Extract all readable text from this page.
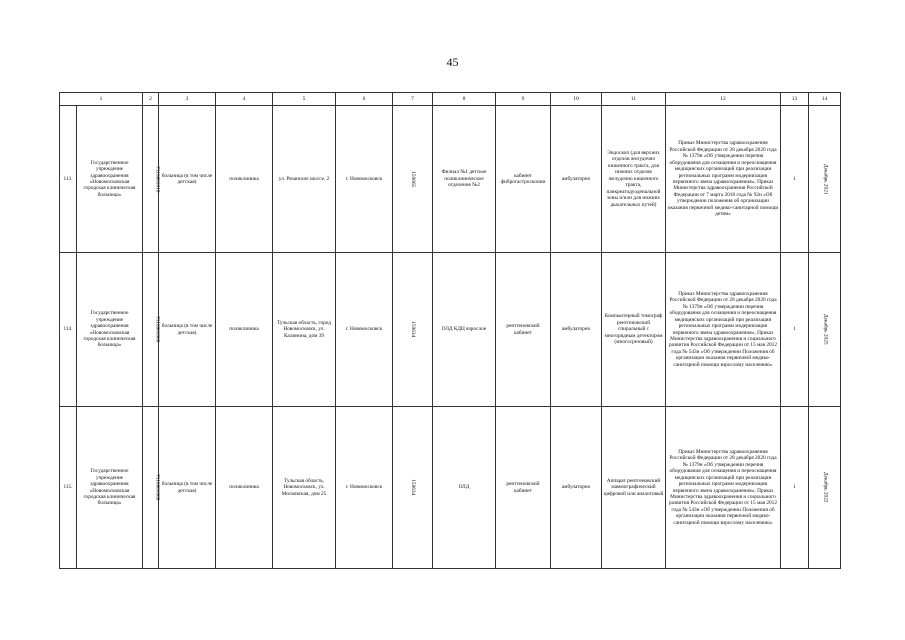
45
1		2	3	4	5	6	7	8	9	10	11	12	13	14
113.	Государственное учреждение здравоохранения «Новомосковская городская клиническая больница»	7116001010	больница (в том числе детская)	поликлиника	ул. Рязанское шоссе, 2	г. Новомосковск	159665	Филиал №1 детское поликлиническое отделение №2	кабинет фиброгастроскопии	амбулаторно	Эндоскоп (для верхних отделов желудочно кишечного тракта, для нижних отделов желудочно кишечного тракта, панкреатодуоденальной зоны и/или для нижних дыхательных путей)	Приказ Министерства здравоохранения Российской Федерации от 28 декабря 2020 года № 1379н «Об утверждении перечня оборудования для оснащения и переоснащения медицинских организаций при реализации региональных программ модернизации первичного звена здравоохранения»; Приказ Министерства здравоохранения Российской Федерации от 7 марта 2018 года № 92н «Об утверждении положения об организации оказания первичной медико-санитарной помощи детям»	1	Декабрь 2021
114.	Государственное учреждение здравоохранения «Новомосковская городская клиническая больница»	7116001060	больница (в том числе детская)	поликлиника	Тульская область, город Новомосковск, ул. Калинина, дом 39	г. Новомосковск	159634	ОЛД КДЦ взрослое	рентгеновский кабинет	амбулаторно	Компьютерный томограф рентгеновский спиральный с многорядным детектором (многосрезовый)	Приказ Министерства здравоохранения Российской Федерации от 28 декабря 2020 года № 1379н «Об утверждении перечня оборудования для оснащения и переоснащения медицинских организаций при реализации региональных программ модернизации первичного звена здравоохранения»; Приказ Министерства здравоохранения и социального развития Российской Федерации от 15 мая 2012 года № 543н «Об утверждении Положения об организации оказания первичной медико-санитарной помощи взрослому населению»	1	Декабрь 2025
115.	Государственное учреждение здравоохранения «Новомосковская городская клиническая больница»	7116001060	больница (в том числе детская)	поликлиника	Тульская область, Новомосковск, ул. Московская, дом 25	г. Новомосковск	159634	ОЛД	рентгеновский кабинет	амбулаторно	Аппарат рентгеновский маммографический цифровой или аналоговый	Приказ Министерства здравоохранения Российской Федерации от 28 декабря 2020 года № 1379н «Об утверждении перечня оборудования для оснащения и переоснащения медицинских организаций при реализации региональных программ модернизации первичного звена здравоохранения»; Приказ Министерства здравоохранения и социального развития Российской Федерации от 15 мая 2012 года № 543н «Об утверждении Положения об организации оказания первичной медико-санитарной помощи взрослому населению»	1	Декабрь 2022
